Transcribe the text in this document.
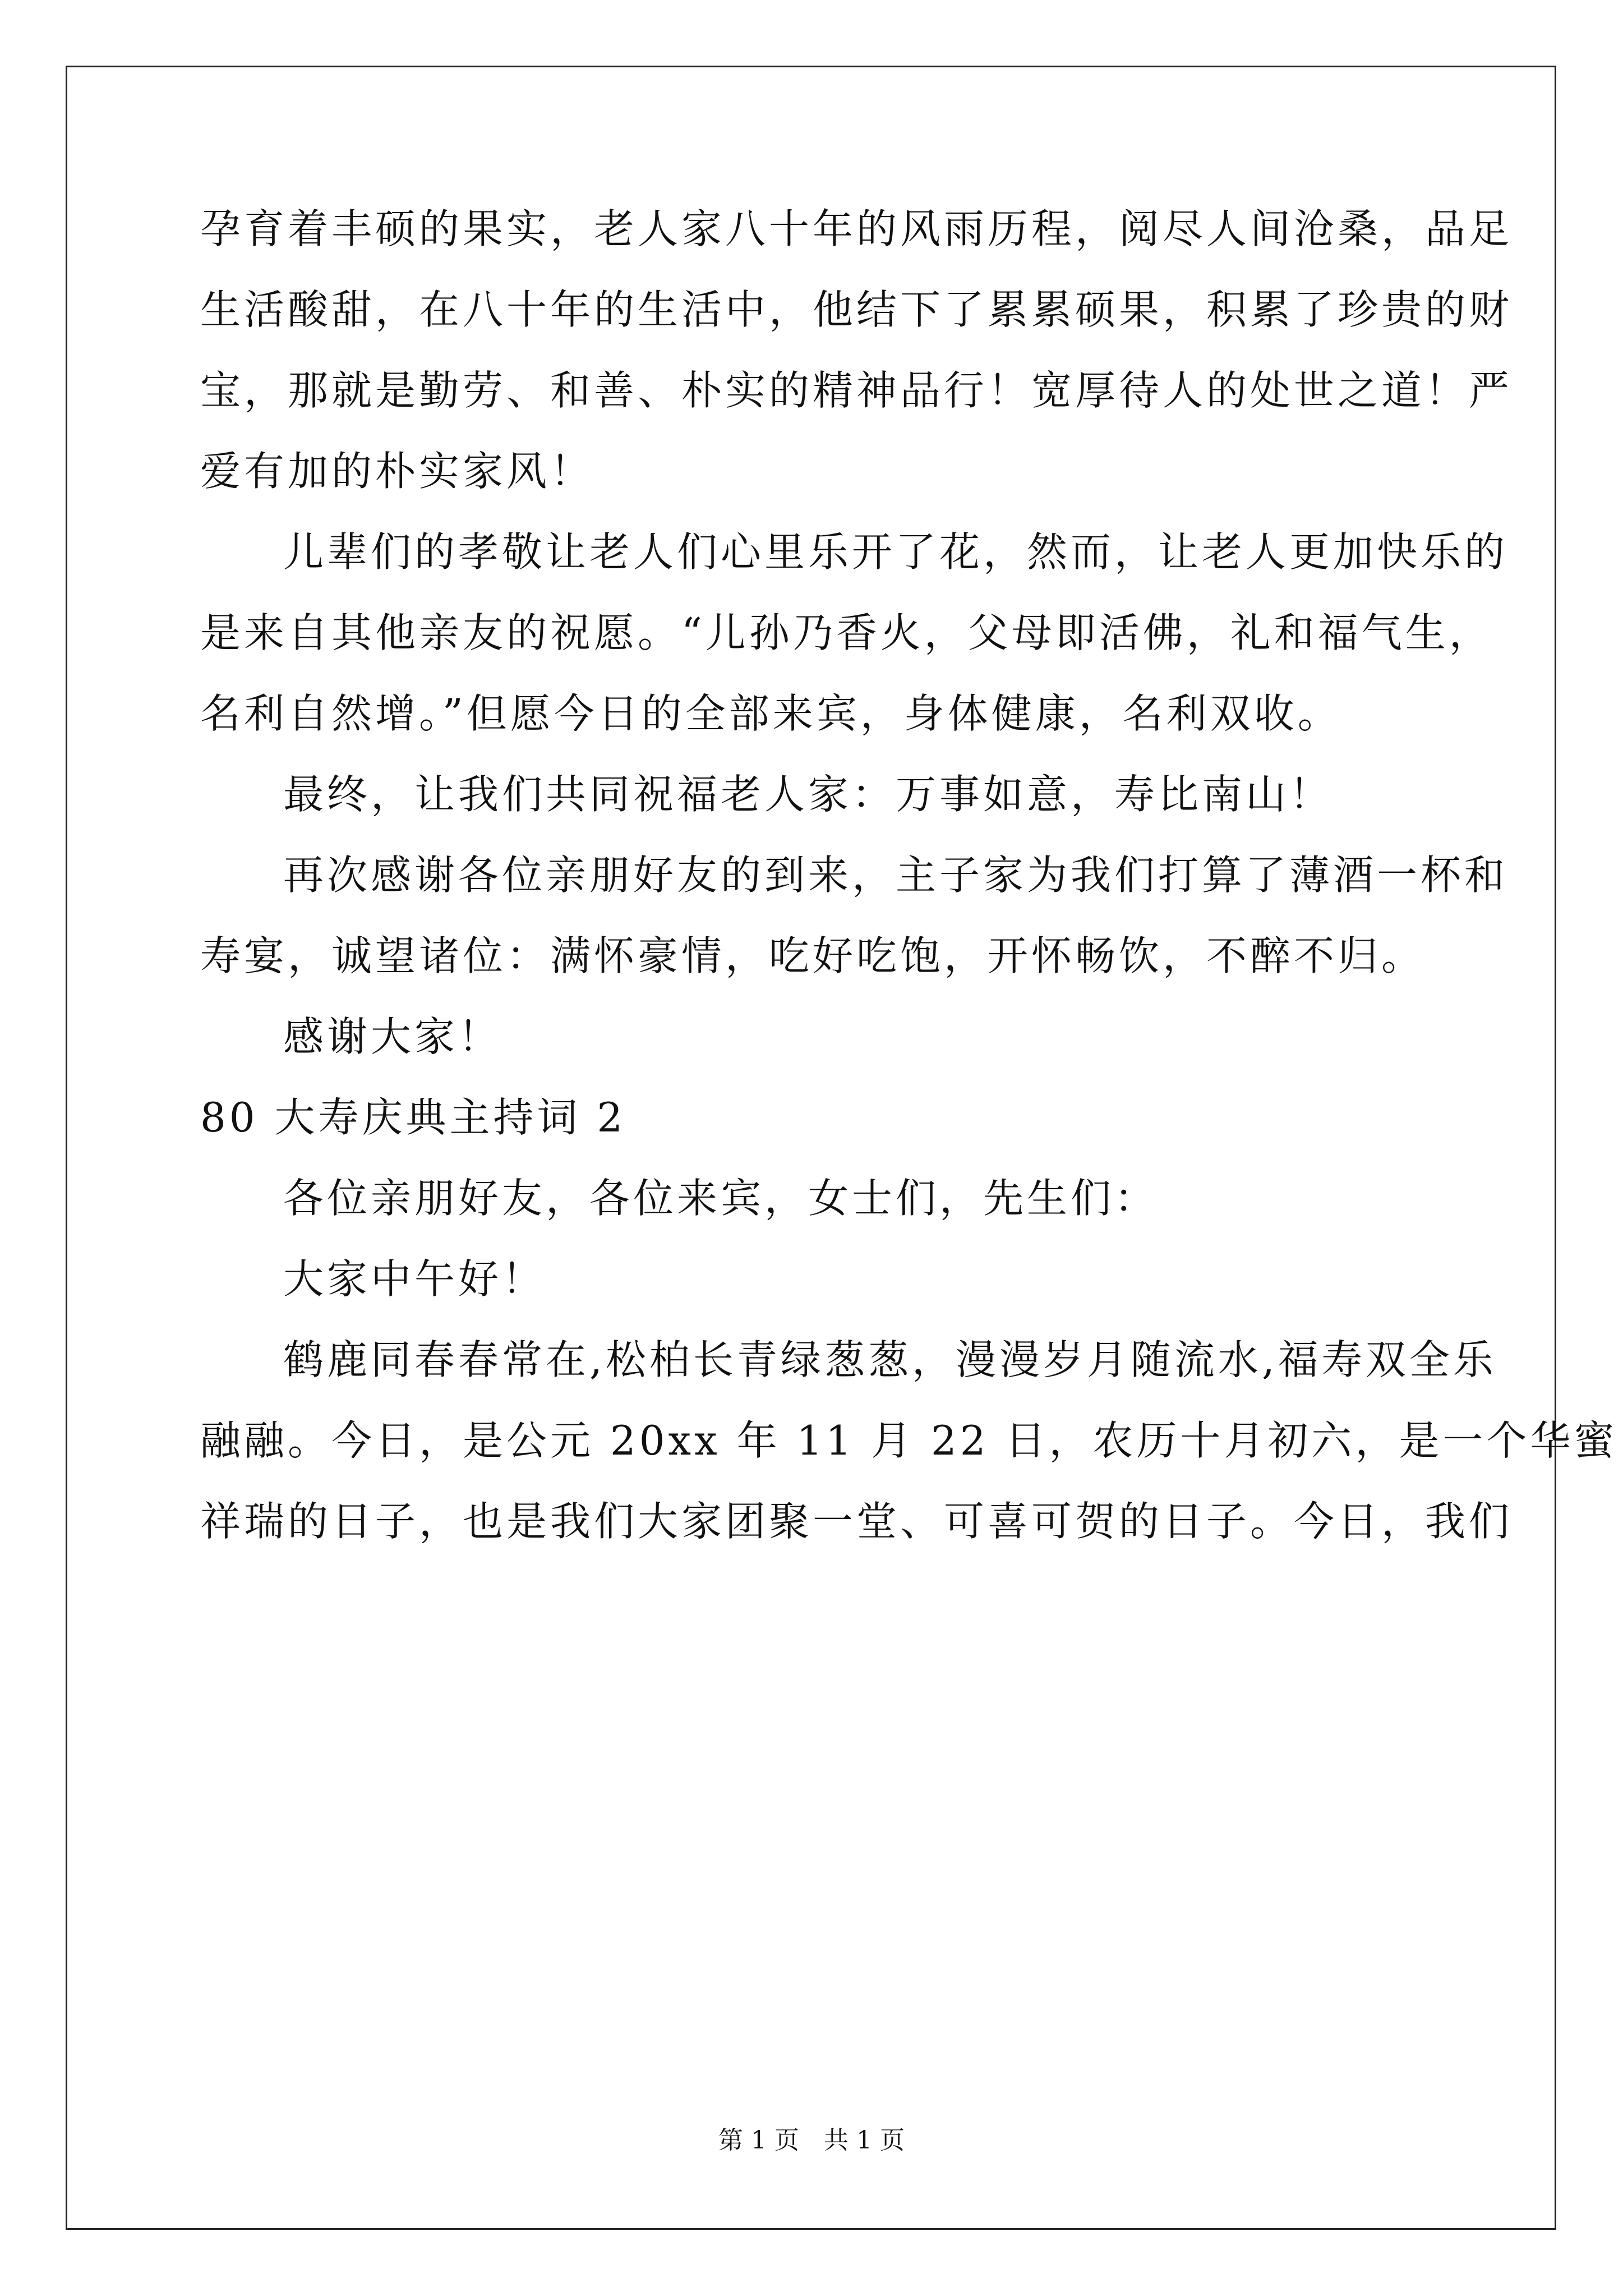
孕育着丰硕的果实，老人家八十年的风雨历程，阅尽人间沧桑，品足
生活酸甜，在八十年的生活中，他结下了累累硕果，积累了珍贵的财
宝，那就是勤劳、和善、朴实的精神品行！宽厚待人的处世之道！严
爱有加的朴实家风！
儿辈们的孝敬让老人们心里乐开了花，然而，让老人更加快乐的
是来自其他亲友的祝愿。“儿孙乃香火，父母即活佛，礼和福气生，
名利自然增。”但愿今日的全部来宾，身体健康，名利双收。
最终，让我们共同祝福老人家：万事如意，寿比南山！
再次感谢各位亲朋好友的到来，主子家为我们打算了薄酒一杯和
寿宴，诚望诸位：满怀豪情，吃好吃饱，开怀畅饮，不醉不归。
感谢大家！
80 大寿庆典主持词 2
各位亲朋好友，各位来宾，女士们，先生们：
大家中午好！
鹤鹿同春春常在,松柏长青绿葱葱，漫漫岁月随流水,福寿双全乐
融融。今日，是公元 20xx 年 11 月 22 日，农历十月初六，是一个华蜜
祥瑞的日子，也是我们大家团聚一堂、可喜可贺的日子。今日，我们
第 1 页　共 1 页
